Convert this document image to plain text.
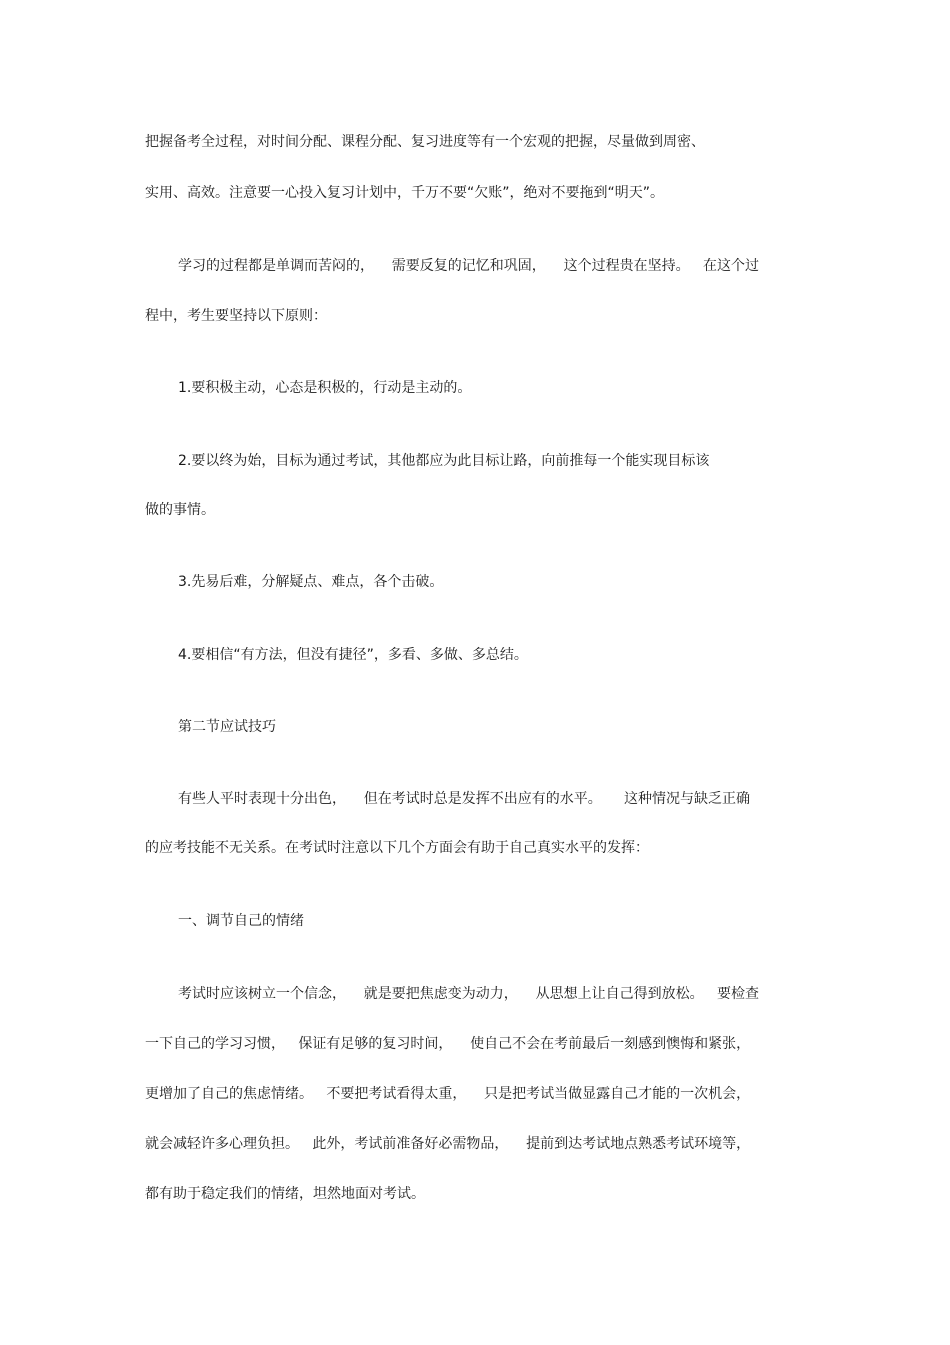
把握备考全过程，对时间分配、课程分配、复习进度等有一个宏观的把握，尽量做到周密、

实用、高效。注意要一心投入复习计划中，千万不要“欠账”，绝对不要拖到“明天”。

学习的过程都是单调而苦闷的，    需要反复的记忆和巩固，    这个过程贵在坚持。   在这个过

程中，考生要坚持以下原则：

1.要积极主动，心态是积极的，行动是主动的。

2.要以终为始，目标为通过考试，其他都应为此目标让路，向前推每一个能实现目标该

做的事情。

3.先易后难，分解疑点、难点，各个击破。

4.要相信“有方法，但没有捷径”，多看、多做、多总结。

第二节应试技巧

有些人平时表现十分出色，    但在考试时总是发挥不出应有的水平。     这种情况与缺乏正确

的应考技能不无关系。在考试时注意以下几个方面会有助于自己真实水平的发挥：

一、调节自己的情绪

考试时应该树立一个信念，    就是要把焦虑变为动力，    从思想上让自己得到放松。   要检查

一下自己的学习习惯，   保证有足够的复习时间，    使自己不会在考前最后一刻感到懊悔和紧张，

更增加了自己的焦虑情绪。   不要把考试看得太重，    只是把考试当做显露自己才能的一次机会，

就会减轻许多心理负担。   此外，考试前准备好必需物品，    提前到达考试地点熟悉考试环境等，

都有助于稳定我们的情绪，坦然地面对考试。
